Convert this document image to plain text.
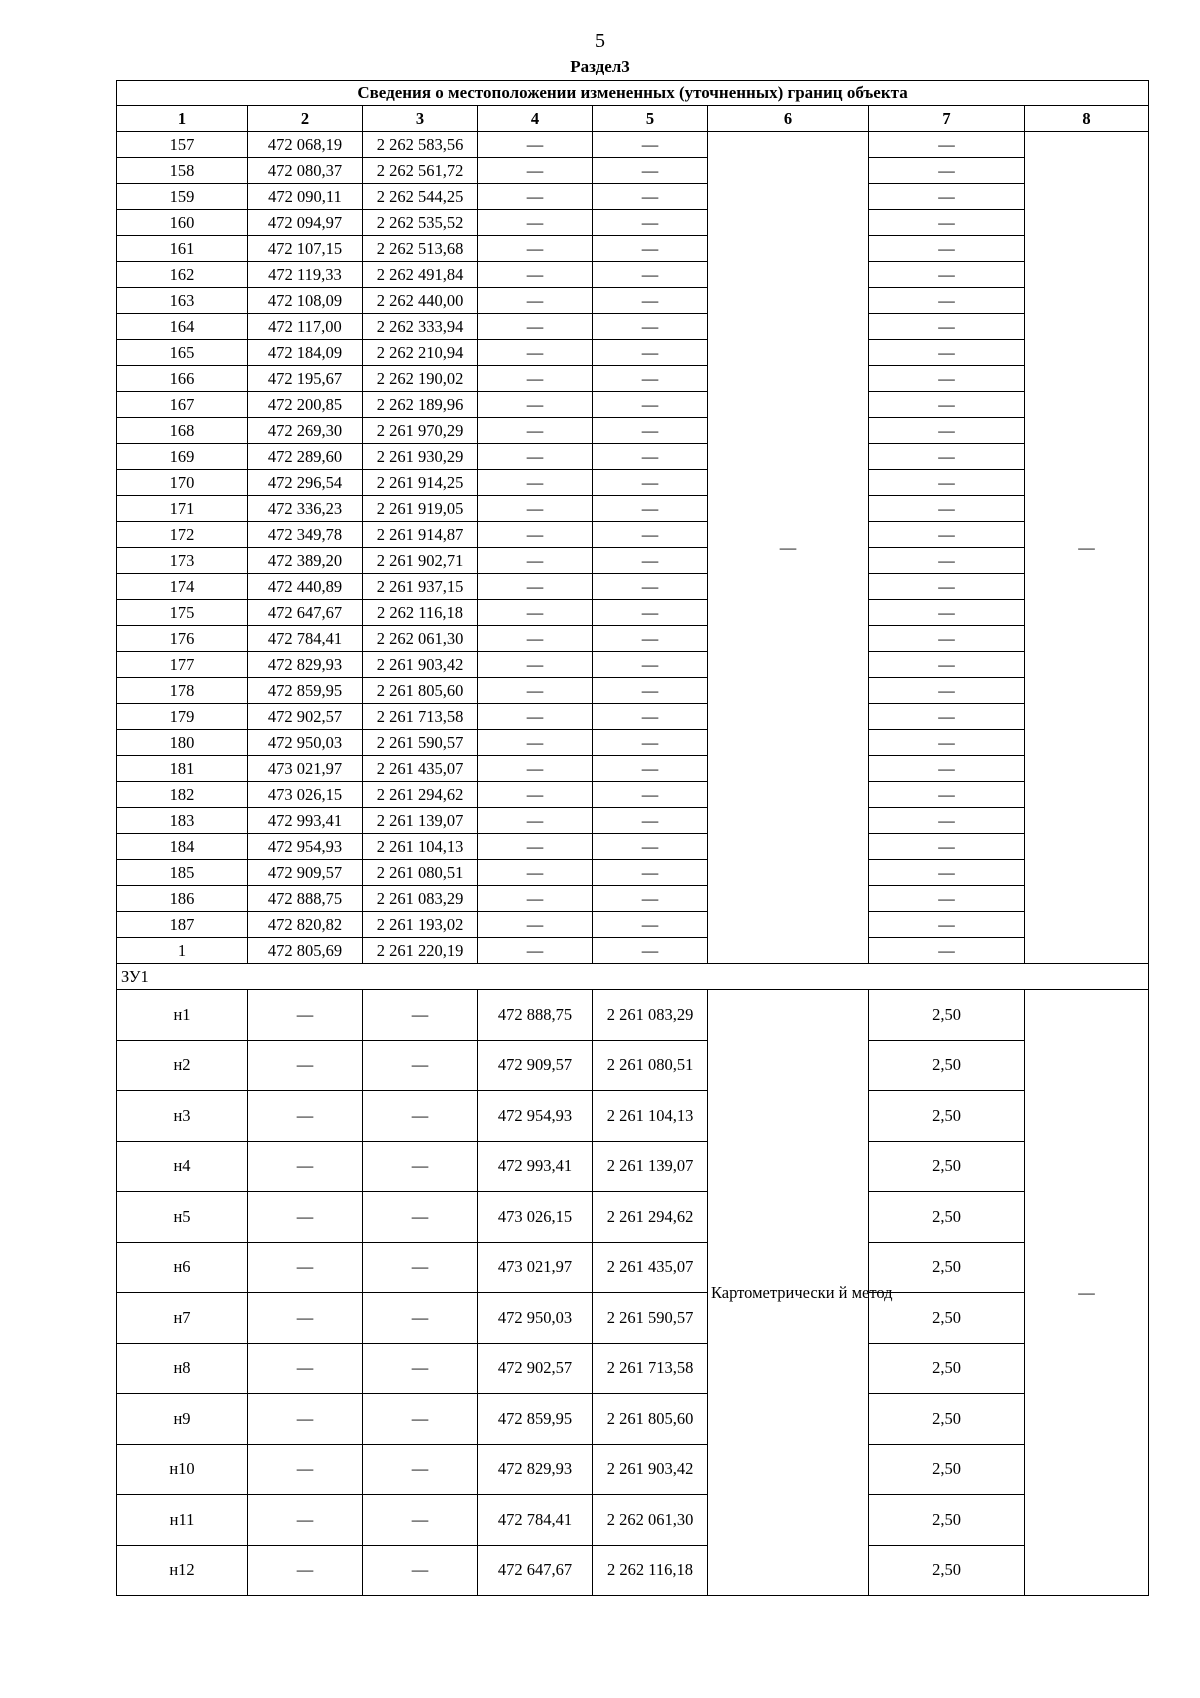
5
Раздел3
Сведения о местоположении измененных (уточненных) границ объекта							
1	2	3	4	5	6	7	8
157	472 068,19	2 262 583,56	—	—	—	—	—
158	472 080,37	2 262 561,72	—	—		—	
159	472 090,11	2 262 544,25	—	—		—	
160	472 094,97	2 262 535,52	—	—		—	
161	472 107,15	2 262 513,68	—	—		—	
162	472 119,33	2 262 491,84	—	—		—	
163	472 108,09	2 262 440,00	—	—		—	
164	472 117,00	2 262 333,94	—	—		—	
165	472 184,09	2 262 210,94	—	—		—	
166	472 195,67	2 262 190,02	—	—		—	
167	472 200,85	2 262 189,96	—	—		—	
168	472 269,30	2 261 970,29	—	—		—	
169	472 289,60	2 261 930,29	—	—		—	
170	472 296,54	2 261 914,25	—	—		—	
171	472 336,23	2 261 919,05	—	—		—	
172	472 349,78	2 261 914,87	—	—		—	
173	472 389,20	2 261 902,71	—	—		—	
174	472 440,89	2 261 937,15	—	—		—	
175	472 647,67	2 262 116,18	—	—		—	
176	472 784,41	2 262 061,30	—	—		—	
177	472 829,93	2 261 903,42	—	—		—	
178	472 859,95	2 261 805,60	—	—		—	
179	472 902,57	2 261 713,58	—	—		—	
180	472 950,03	2 261 590,57	—	—		—	
181	473 021,97	2 261 435,07	—	—		—	
182	473 026,15	2 261 294,62	—	—		—	
183	472 993,41	2 261 139,07	—	—		—	
184	472 954,93	2 261 104,13	—	—		—	
185	472 909,57	2 261 080,51	—	—		—	
186	472 888,75	2 261 083,29	—	—		—	
187	472 820,82	2 261 193,02	—	—		—	
1	472 805,69	2 261 220,19	—	—		—	
ЗУ1							
н1	—	—	472 888,75	2 261 083,29	Картометрически й метод	2,50	—
н2	—	—	472 909,57	2 261 080,51		2,50	
н3	—	—	472 954,93	2 261 104,13		2,50	
н4	—	—	472 993,41	2 261 139,07		2,50	
н5	—	—	473 026,15	2 261 294,62		2,50	
н6	—	—	473 021,97	2 261 435,07		2,50	
н7	—	—	472 950,03	2 261 590,57		2,50	
н8	—	—	472 902,57	2 261 713,58		2,50	
н9	—	—	472 859,95	2 261 805,60		2,50	
н10	—	—	472 829,93	2 261 903,42		2,50	
н11	—	—	472 784,41	2 262 061,30		2,50	
н12	—	—	472 647,67	2 262 116,18		2,50	
